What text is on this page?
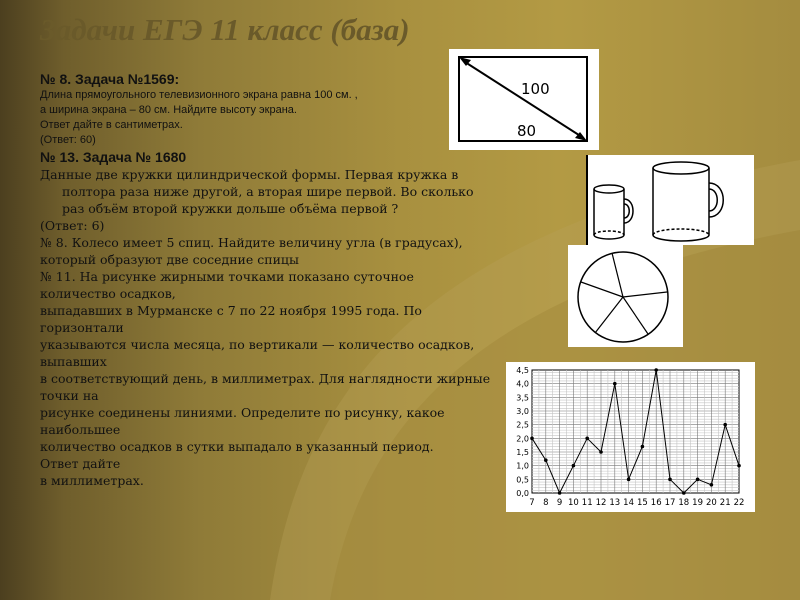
Задачи ЕГЭ 11 класс (база)

№ 8. Задача №1569:

Длина прямоугольного телевизионного экрана равна 100 см. ,

а ширина экрана – 80 см. Найдите высоту экрана.

Ответ дайте в сантиметрах.

(Ответ: 60)

№ 13. Задача № 1680

Данные две кружки цилиндрической формы. Первая кружка в

полтора раза ниже другой, а вторая шире первой. Во сколько

раз объём второй кружки дольше объёма первой ?

(Ответ: 6)

№ 8. Колесо имеет 5 спиц. Найдите величину угла (в градусах),

который образуют две соседние спицы

№ 11. На рисунке жирными точками показано суточное

количество осадков,

выпадавших в Мурманске с 7 по 22 ноября 1995 года. По

горизонтали

указываются числа месяца, по вертикали — количество осадков,

выпавших

в соответствующий день, в миллиметрах. Для наглядности жирные

точки на

рисунке соединены линиями. Определите по рисунку, какое

наибольшее

количество осадков в сутки выпадало в указанный период.

Ответ дайте

в миллиметрах.

100
80
0,0
0,5
1,0
1,5
2,0
2,5
3,0
3,5
4,0
4,5
7 8 9 10 11 12 13 14 15 16 17 18 19 20 21 22
